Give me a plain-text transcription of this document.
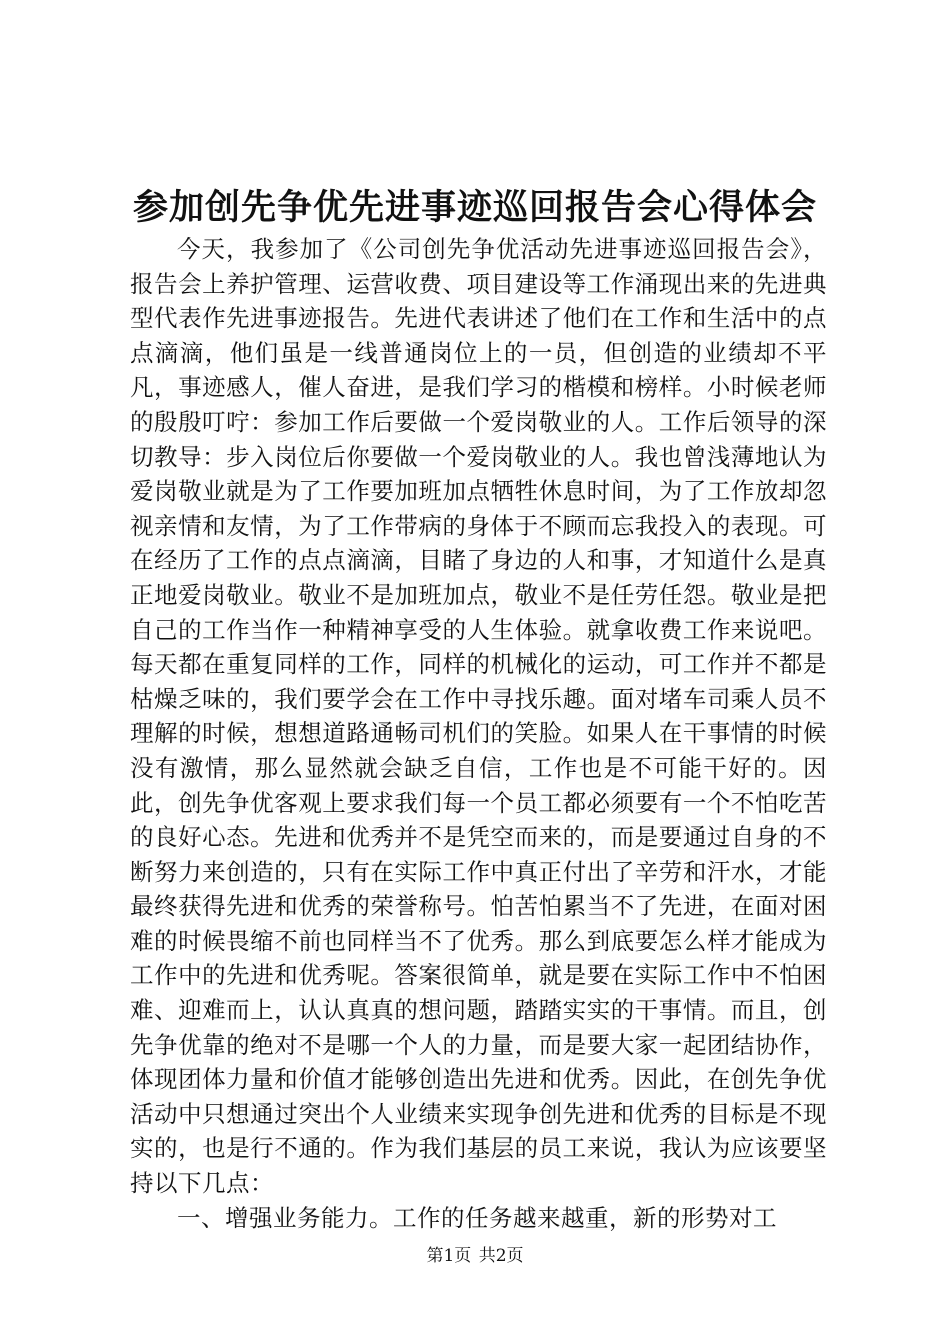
参加创先争优先进事迹巡回报告会心得体会

今天，我参加了《公司创先争优活动先进事迹巡回报告会》，报告会上养护管理、运营收费、项目建设等工作涌现出来的先进典型代表作先进事迹报告。先进代表讲述了他们在工作和生活中的点点滴滴，他们虽是一线普通岗位上的一员，但创造的业绩却不平凡，事迹感人，催人奋进，是我们学习的楷模和榜样。小时候老师的殷殷叮咛：参加工作后要做一个爱岗敬业的人。工作后领导的深切教导：步入岗位后你要做一个爱岗敬业的人。我也曾浅薄地认为爱岗敬业就是为了工作要加班加点牺牲休息时间，为了工作放却忽视亲情和友情，为了工作带病的身体于不顾而忘我投入的表现。可在经历了工作的点点滴滴，目睹了身边的人和事，才知道什么是真正地爱岗敬业。敬业不是加班加点，敬业不是任劳任怨。敬业是把自己的工作当作一种精神享受的人生体验。就拿收费工作来说吧。每天都在重复同样的工作，同样的机械化的运动，可工作并不都是枯燥乏味的，我们要学会在工作中寻找乐趣。面对堵车司乘人员不理解的时候，想想道路通畅司机们的笑脸。如果人在干事情的时候没有激情，那么显然就会缺乏自信，工作也是不可能干好的。因此，创先争优客观上要求我们每一个员工都必须要有一个不怕吃苦的良好心态。先进和优秀并不是凭空而来的，而是要通过自身的不断努力来创造的，只有在实际工作中真正付出了辛劳和汗水，才能最终获得先进和优秀的荣誉称号。怕苦怕累当不了先进，在面对困难的时候畏缩不前也同样当不了优秀。那么到底要怎么样才能成为工作中的先进和优秀呢。答案很简单，就是要在实际工作中不怕困难、迎难而上，认认真真的想问题，踏踏实实的干事情。而且，创先争优靠的绝对不是哪一个人的力量，而是要大家一起团结协作，体现团体力量和价值才能够创造出先进和优秀。因此，在创先争优活动中只想通过突出个人业绩来实现争创先进和优秀的目标是不现实的，也是行不通的。作为我们基层的员工来说，我认为应该要坚持以下几点：

一、增强业务能力。工作的任务越来越重，新的形势对工

第1页 共2页
